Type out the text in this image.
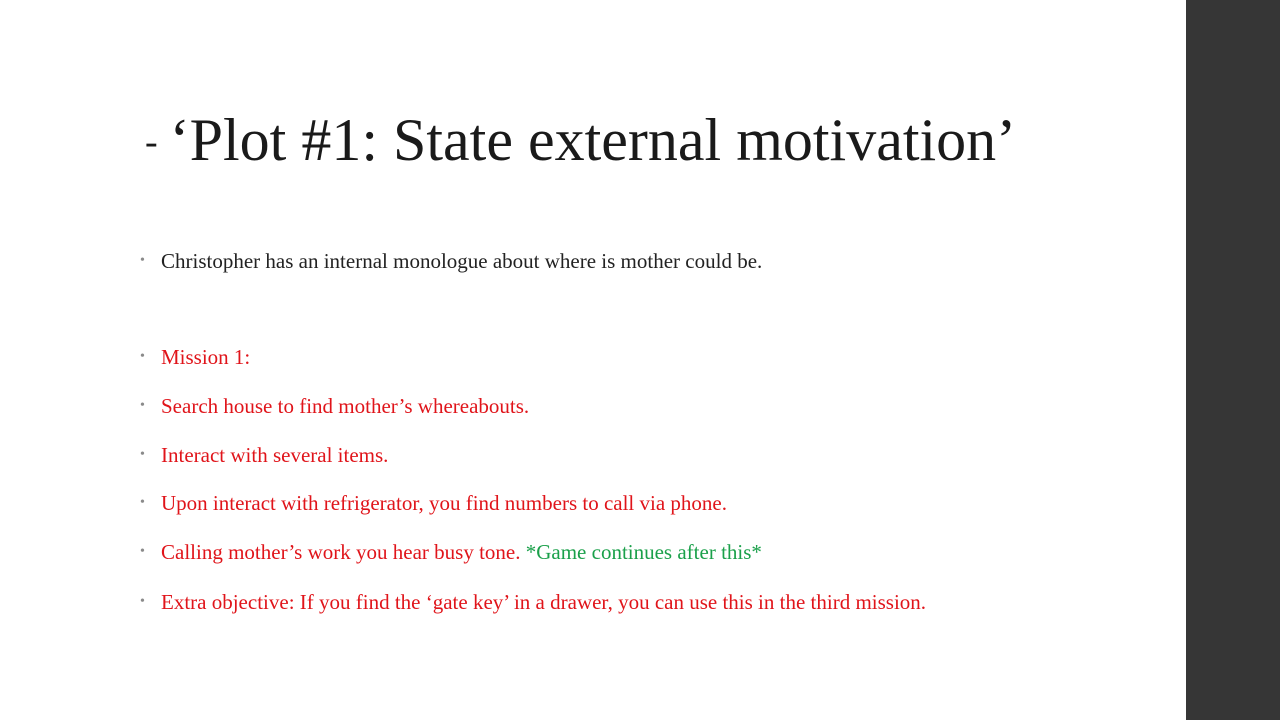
- ‘Plot #1: State external motivation’
• Christopher has an internal monologue about where is mother could be.
• Mission 1:
• Search house to find mother’s whereabouts.
• Interact with several items.
• Upon interact with refrigerator, you find numbers to call via phone.
• Calling mother’s work you hear busy tone. *Game continues after this*
• Extra objective: If you find the ‘gate key’ in a drawer, you can use this in the third mission.
